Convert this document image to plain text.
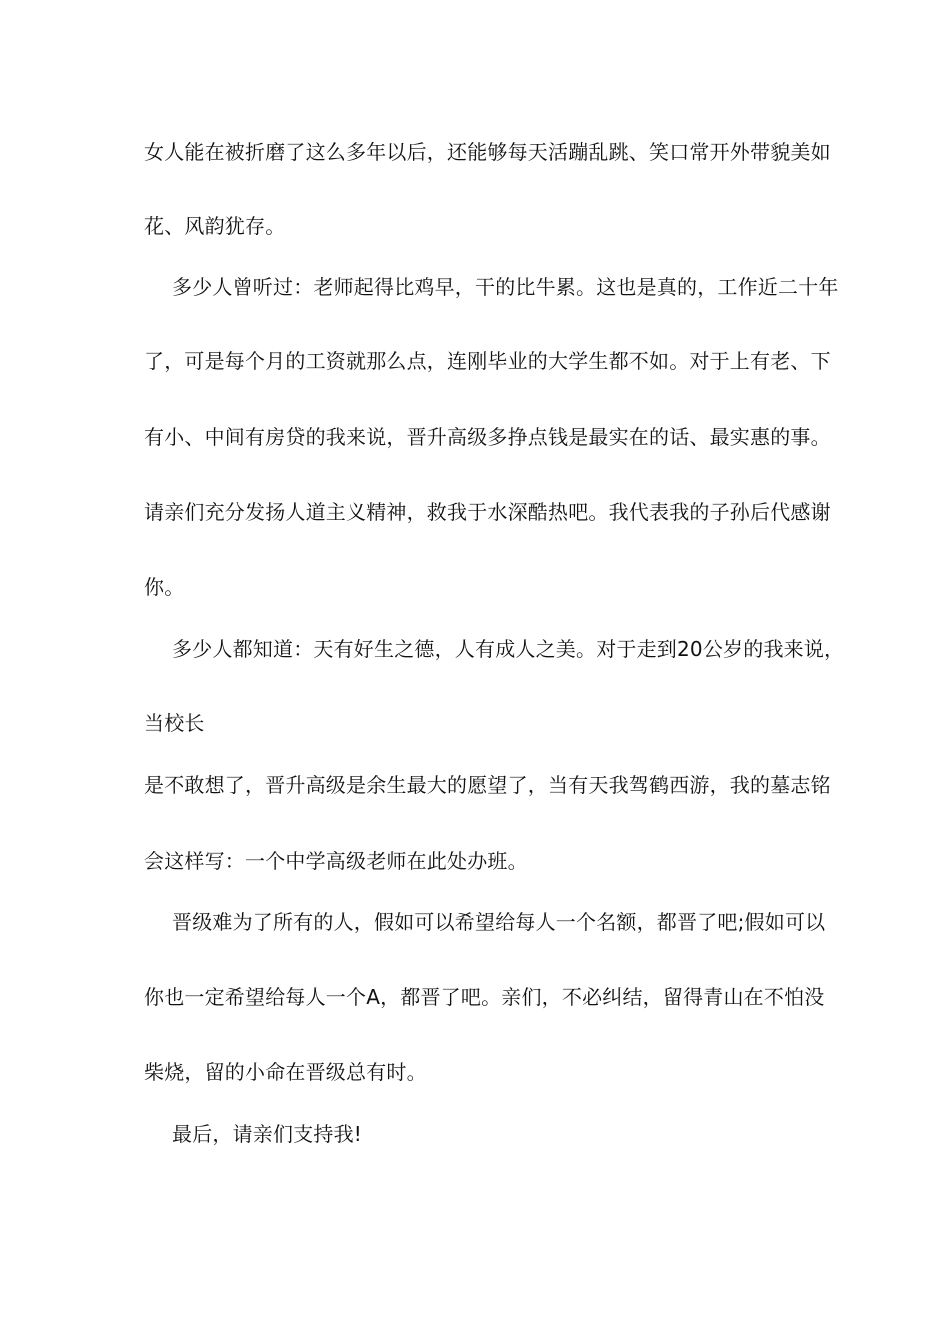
女人能在被折磨了这么多年以后，还能够每天活蹦乱跳、笑口常开外带貌美如
花、风韵犹存。
多少人曾听过：老师起得比鸡早，干的比牛累。这也是真的，工作近二十年
了，可是每个月的工资就那么点，连刚毕业的大学生都不如。对于上有老、下
有小、中间有房贷的我来说，晋升高级多挣点钱是最实在的话、最实惠的事。
请亲们充分发扬人道主义精神，救我于水深酷热吧。我代表我的子孙后代感谢
你。
多少人都知道：天有好生之德，人有成人之美。对于走到20公岁的我来说，
当校长
是不敢想了，晋升高级是余生最大的愿望了，当有天我驾鹤西游，我的墓志铭
会这样写：一个中学高级老师在此处办班。
晋级难为了所有的人，假如可以希望给每人一个名额，都晋了吧;假如可以
你也一定希望给每人一个A，都晋了吧。亲们，不必纠结，留得青山在不怕没
柴烧，留的小命在晋级总有时。
最后，请亲们支持我!
